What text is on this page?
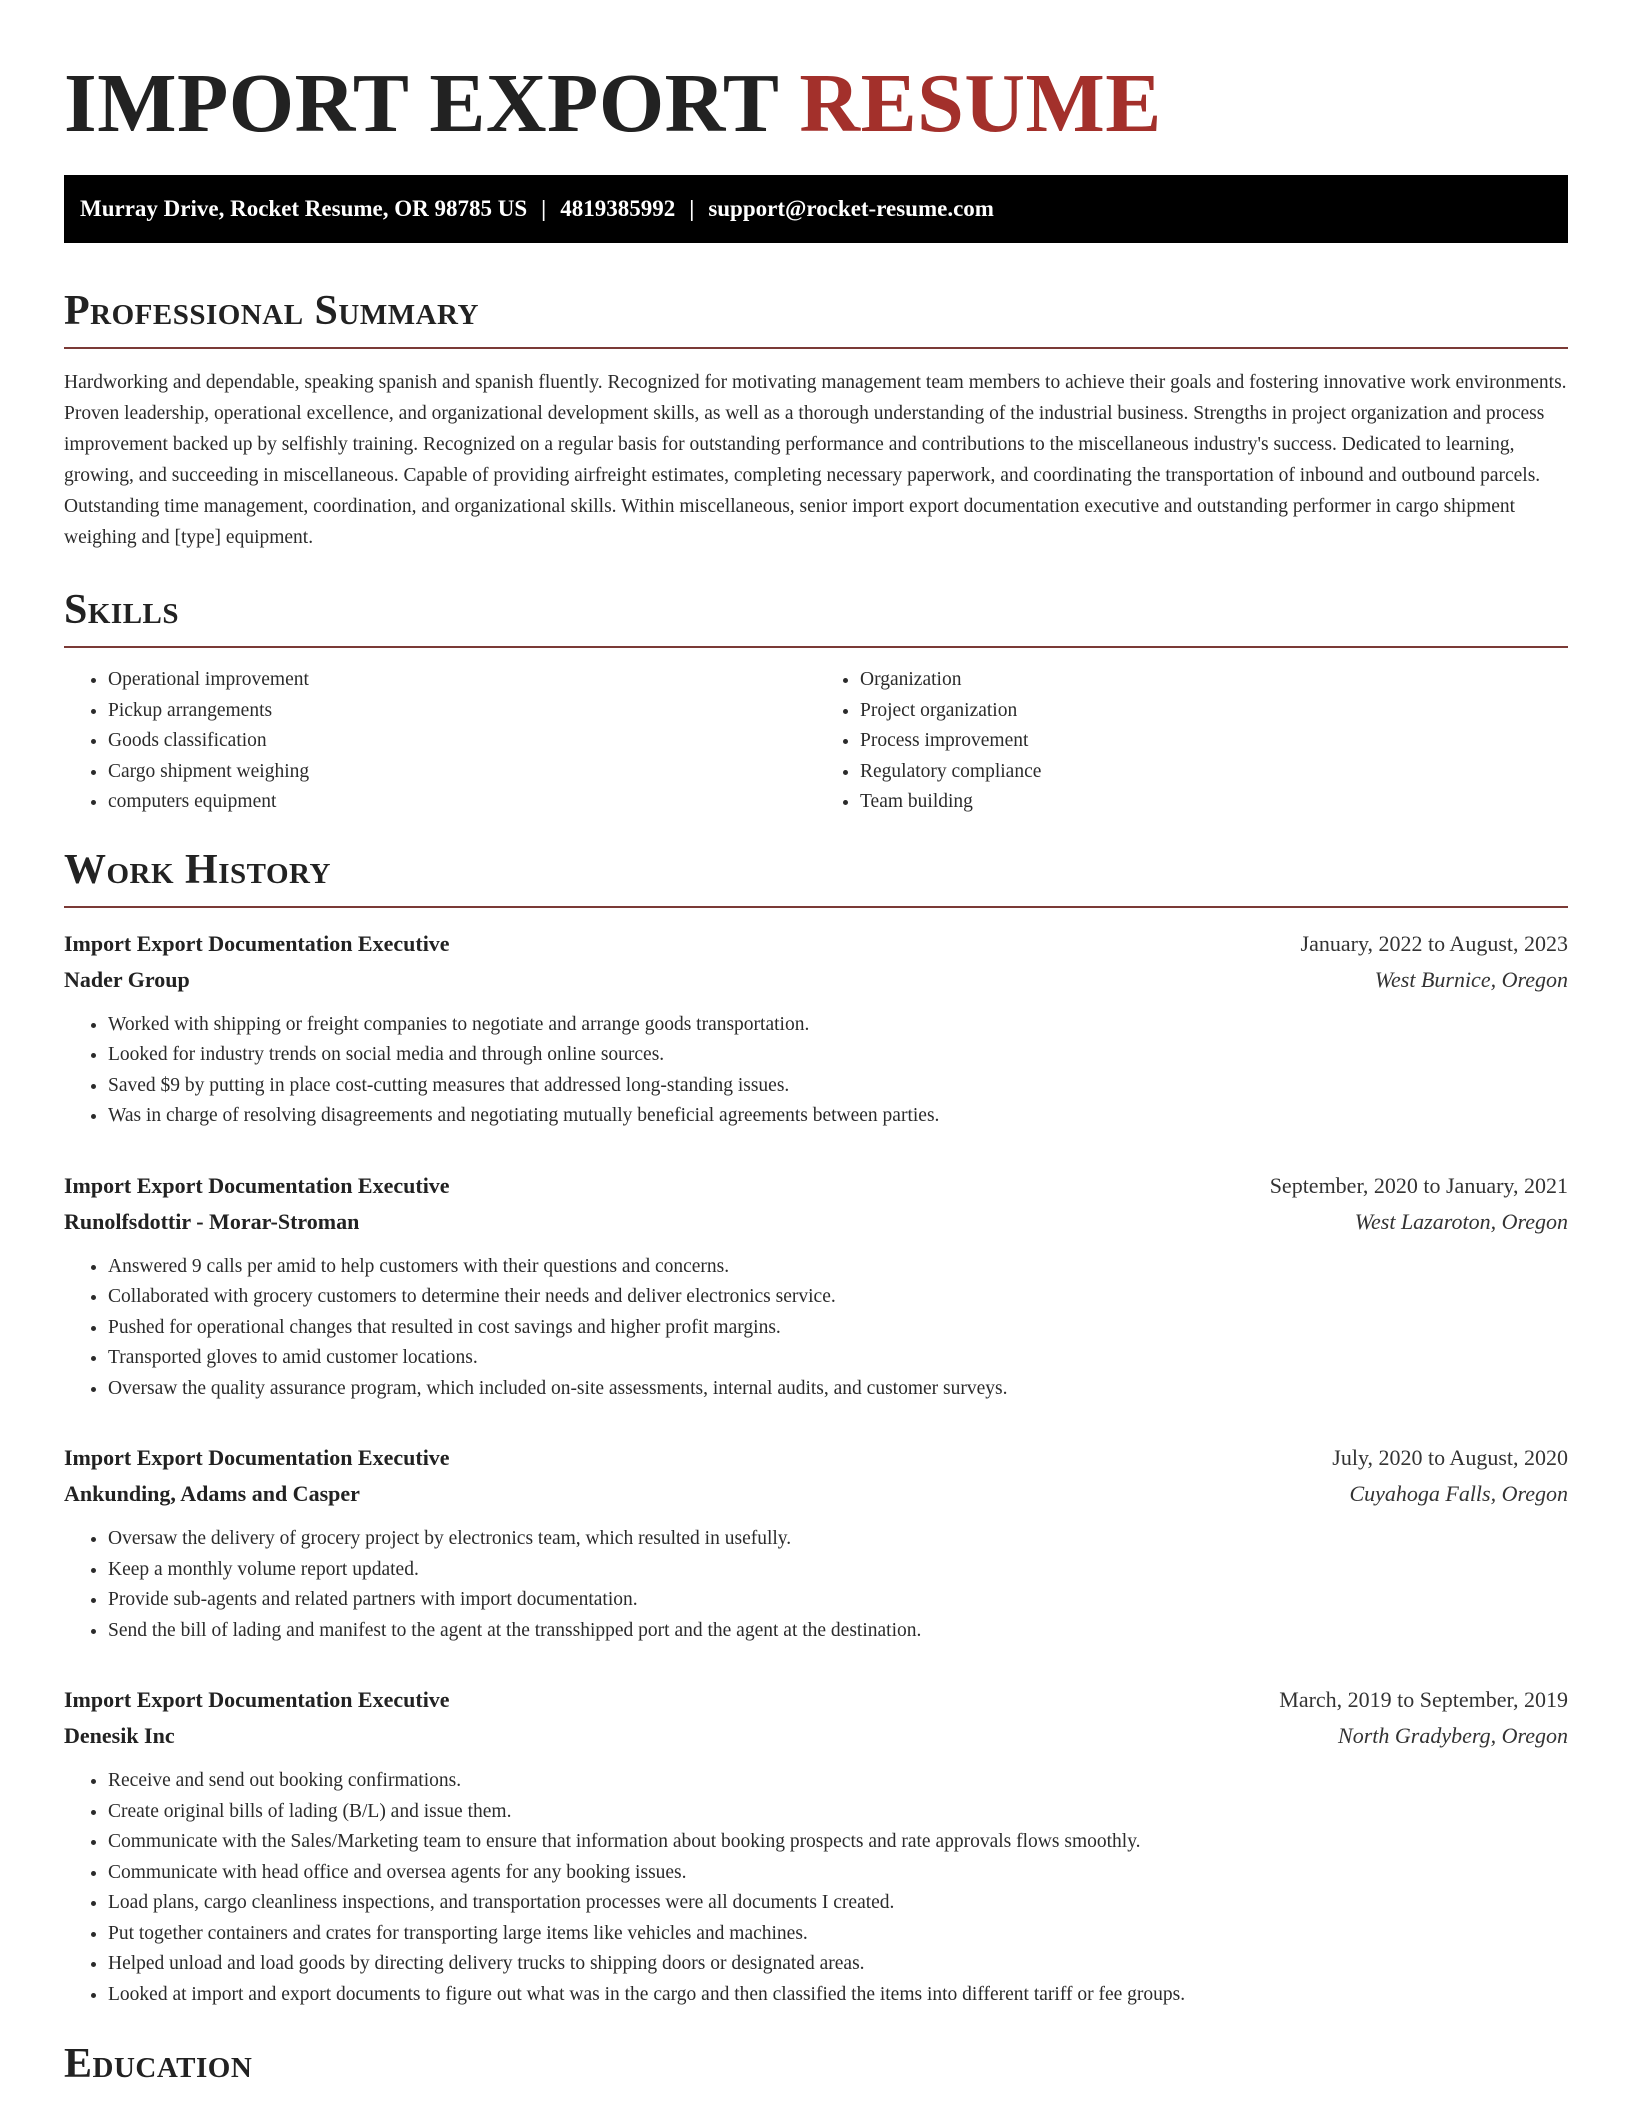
IMPORT EXPORT RESUME
Murray Drive, Rocket Resume, OR 98785 US | 4819385992 | support@rocket-resume.com
Professional Summary

Hardworking and dependable, speaking spanish and spanish fluently. Recognized for motivating management team members to achieve their goals and fostering innovative work environments. Proven leadership, operational excellence, and organizational development skills, as well as a thorough understanding of the industrial business. Strengths in project organization and process improvement backed up by selfishly training. Recognized on a regular basis for outstanding performance and contributions to the miscellaneous industry's success. Dedicated to learning, growing, and succeeding in miscellaneous. Capable of providing airfreight estimates, completing necessary paperwork, and coordinating the transportation of inbound and outbound parcels. Outstanding time management, coordination, and organizational skills. Within miscellaneous, senior import export documentation executive and outstanding performer in cargo shipment weighing and [type] equipment.

Skills
• Operational improvement
• Pickup arrangements
• Goods classification
• Cargo shipment weighing
• computers equipment
• Organization
• Project organization
• Process improvement
• Regulatory compliance
• Team building
Work History
Import Export Documentation Executive	January, 2022 to August, 2023
Nader Group	West Burnice, Oregon
• Worked with shipping or freight companies to negotiate and arrange goods transportation.
• Looked for industry trends on social media and through online sources.
• Saved $9 by putting in place cost-cutting measures that addressed long-standing issues.
• Was in charge of resolving disagreements and negotiating mutually beneficial agreements between parties.
Import Export Documentation Executive	September, 2020 to January, 2021
Runolfsdottir - Morar-Stroman	West Lazaroton, Oregon
• Answered 9 calls per amid to help customers with their questions and concerns.
• Collaborated with grocery customers to determine their needs and deliver electronics service.
• Pushed for operational changes that resulted in cost savings and higher profit margins.
• Transported gloves to amid customer locations.
• Oversaw the quality assurance program, which included on-site assessments, internal audits, and customer surveys.
Import Export Documentation Executive	July, 2020 to August, 2020
Ankunding, Adams and Casper	Cuyahoga Falls, Oregon
• Oversaw the delivery of grocery project by electronics team, which resulted in usefully.
• Keep a monthly volume report updated.
• Provide sub-agents and related partners with import documentation.
• Send the bill of lading and manifest to the agent at the transshipped port and the agent at the destination.
Import Export Documentation Executive	March, 2019 to September, 2019
Denesik Inc	North Gradyberg, Oregon
• Receive and send out booking confirmations.
• Create original bills of lading (B/L) and issue them.
• Communicate with the Sales/Marketing team to ensure that information about booking prospects and rate approvals flows smoothly.
• Communicate with head office and oversea agents for any booking issues.
• Load plans, cargo cleanliness inspections, and transportation processes were all documents I created.
• Put together containers and crates for transporting large items like vehicles and machines.
• Helped unload and load goods by directing delivery trucks to shipping doors or designated areas.
• Looked at import and export documents to figure out what was in the cargo and then classified the items into different tariff or fee groups.
Education
